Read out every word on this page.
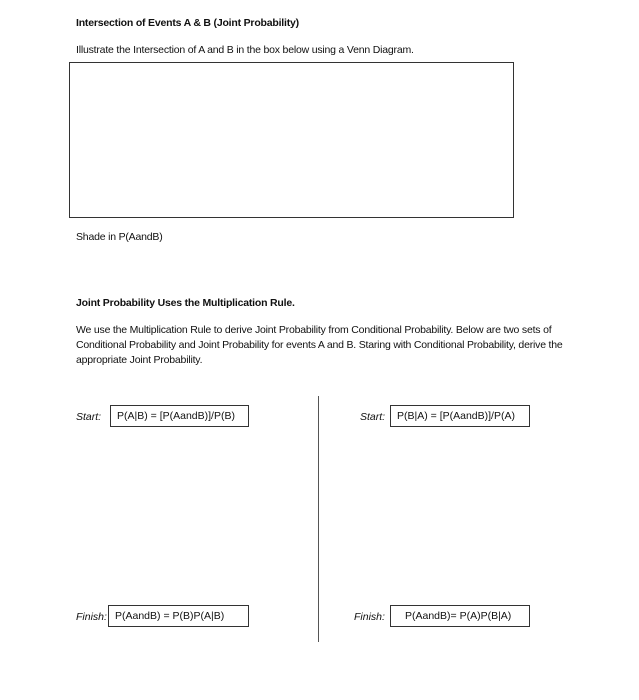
Intersection of Events A & B (Joint Probability)
Illustrate the Intersection of A and B in the box below using a Venn Diagram.
Shade in P(AandB)
Joint Probability Uses the Multiplication Rule.
We use the Multiplication Rule to derive Joint Probability from Conditional Probability. Below are two sets of Conditional Probability and Joint Probability for events A and B. Staring with Conditional Probability, derive the appropriate Joint Probability.
Start:	P(A|B) = [P(AandB)]/P(B)
Finish: P(AandB) = P(B)P(A|B)
Start:	P(B|A) = [P(AandB)]/P(A)
Finish:	P(AandB)= P(A)P(B|A)
